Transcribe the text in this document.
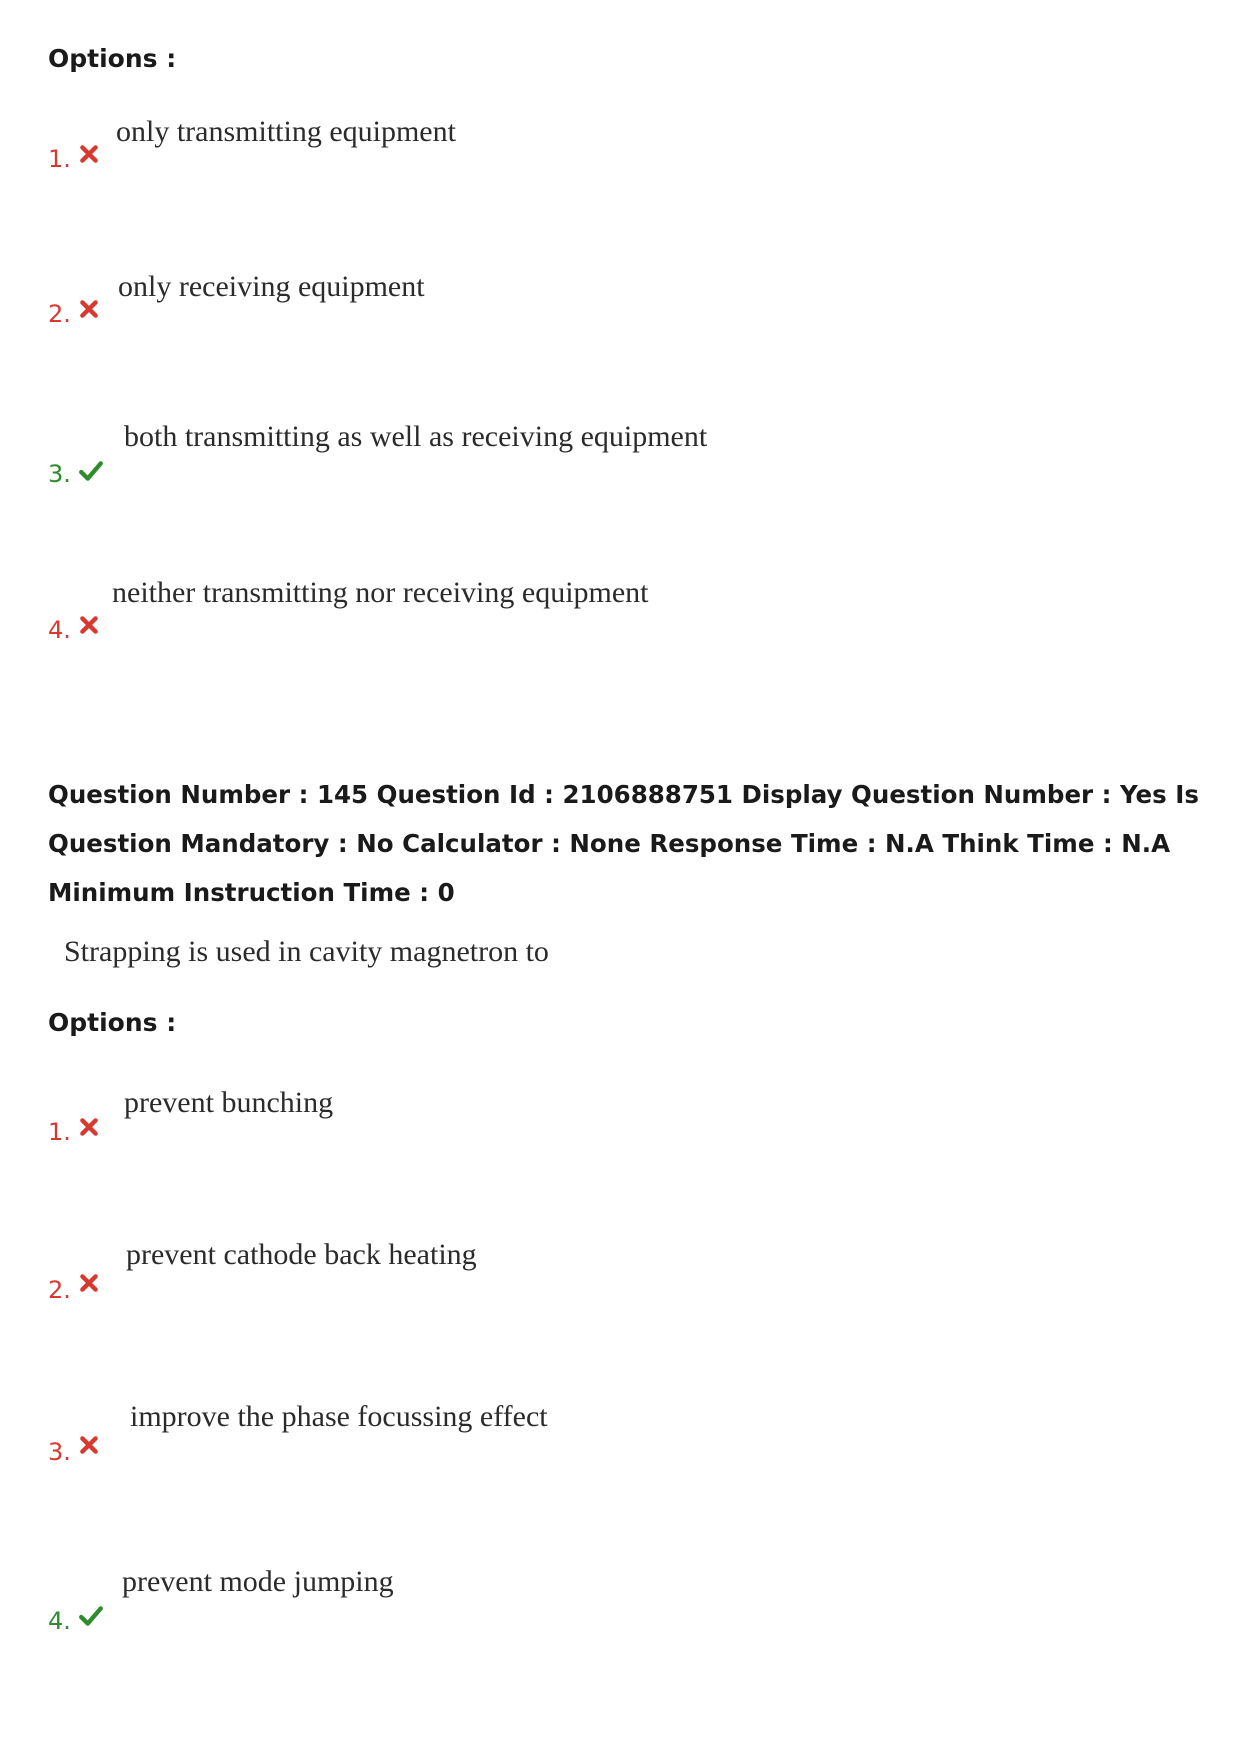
Options :
only transmitting equipment
1.
only receiving equipment
2.
both transmitting as well as receiving equipment
3.
neither transmitting nor receiving equipment
4.
Question Number : 145 Question Id : 2106888751 Display Question Number : Yes Is Question Mandatory : No Calculator : None Response Time : N.A Think Time : N.A Minimum Instruction Time : 0
Strapping is used in cavity magnetron to
Options :
prevent bunching
1.
prevent cathode back heating
2.
improve the phase focussing effect
3.
prevent mode jumping
4.
